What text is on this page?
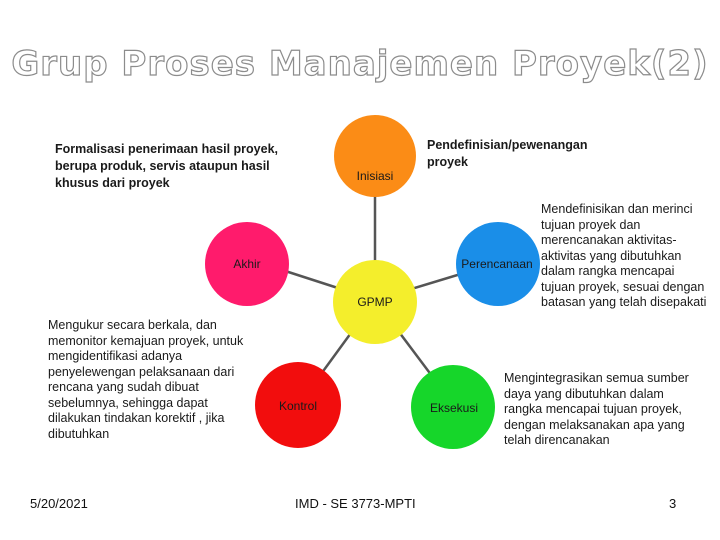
Grup Proses Manajemen Proyek(2)
Inisiasi
Akhir	Perencanaan
GPMP
Kontrol	Eksekusi
Formalisasi penerimaan hasil proyek, berupa produk, servis ataupun hasil khusus dari proyek
Pendefinisian/pewenangan proyek
Mendefinisikan dan merinci tujuan proyek dan merencanakan aktivitas-aktivitas yang dibutuhkan dalam rangka mencapai tujuan proyek, sesuai dengan batasan yang telah disepakati
Mengukur secara berkala, dan memonitor kemajuan proyek, untuk mengidentifikasi adanya penyelewengan pelaksanaan dari rencana yang sudah dibuat sebelumnya, sehingga dapat dilakukan tindakan korektif , jika dibutuhkan
Mengintegrasikan semua sumber daya yang dibutuhkan dalam rangka mencapai tujuan proyek, dengan melaksanakan apa yang telah direncanakan
5/20/2021	IMD - SE 3773-MPTI	3
